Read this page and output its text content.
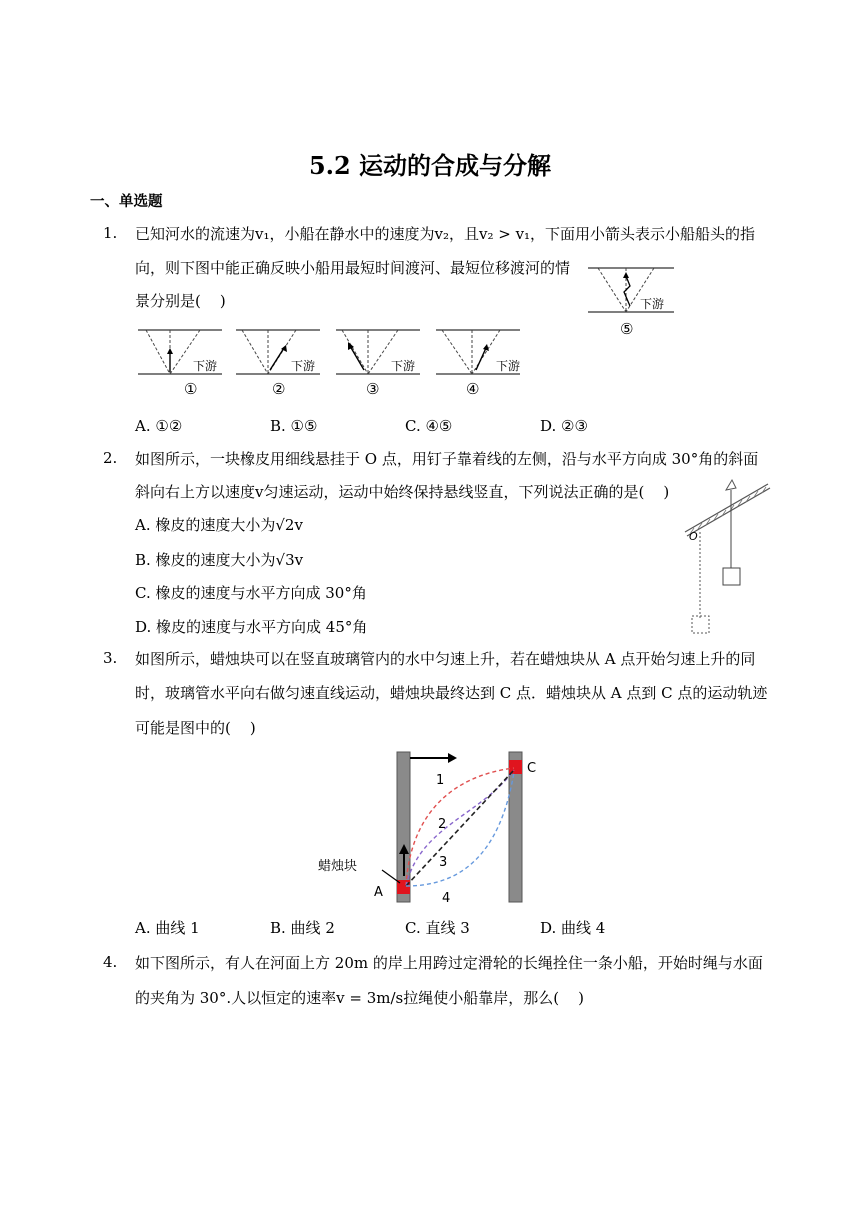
5.2 运动的合成与分解
一、单选题
1.	已知河水的流速为v₁，小船在静水中的速度为v₂，且v₂ > v₁，下面用小箭头表示小船船头的指
向，则下图中能正确反映小船用最短时间渡河、最短位移渡河的情
景分别是(    )
下游
①
下游
②
下游
③
下游
④
下游
⑤
A. ①②	B. ①⑤	C. ④⑤	D. ②③
2.	如图所示，一块橡皮用细线悬挂于 O 点，用钉子靠着线的左侧，沿与水平方向成 30°角的斜面
斜向右上方以速度v匀速运动，运动中始终保持悬线竖直，下列说法正确的是(    )
A. 橡皮的速度大小为√2v
B. 橡皮的速度大小为√3v
C. 橡皮的速度与水平方向成 30°角
D. 橡皮的速度与水平方向成 45°角
O
3.	如图所示，蜡烛块可以在竖直玻璃管内的水中匀速上升，若在蜡烛块从 A 点开始匀速上升的同
时，玻璃管水平向右做匀速直线运动，蜡烛块最终达到 C 点．蜡烛块从 A 点到 C 点的运动轨迹
可能是图中的(    )
1
2
3
4
蜡烛块
A
C
A. 曲线 1	B. 曲线 2	C. 直线 3	D. 曲线 4
4.	如下图所示，有人在河面上方 20m 的岸上用跨过定滑轮的长绳拴住一条小船，开始时绳与水面
的夹角为 30°.人以恒定的速率v = 3m/s拉绳使小船靠岸，那么(    )
